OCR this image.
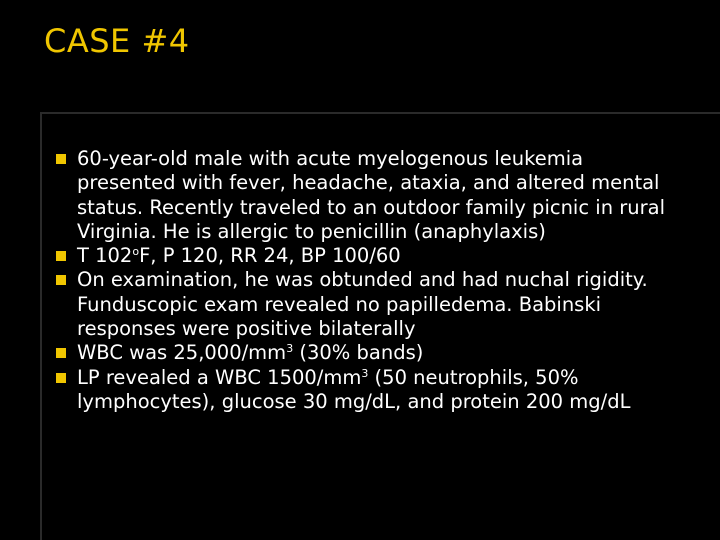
CASE #4
60-year-old male with acute myelogenous leukemia presented with fever, headache, ataxia, and altered mental status. Recently traveled to an outdoor family picnic in rural Virginia. He is allergic to penicillin (anaphylaxis)
T 102$^o$F, P 120, RR 24, BP 100/60
On examination, he was obtunded and had nuchal rigidity. Funduscopic exam revealed no papilledema. Babinski responses were positive bilaterally
WBC was $25,000/mm^3$ (30% bands)
LP revealed a WBC $1500/mm^3$ (50 neutrophils, 50% lymphocytes), glucose 30 mg/dL, and protein 200 mg/dL
